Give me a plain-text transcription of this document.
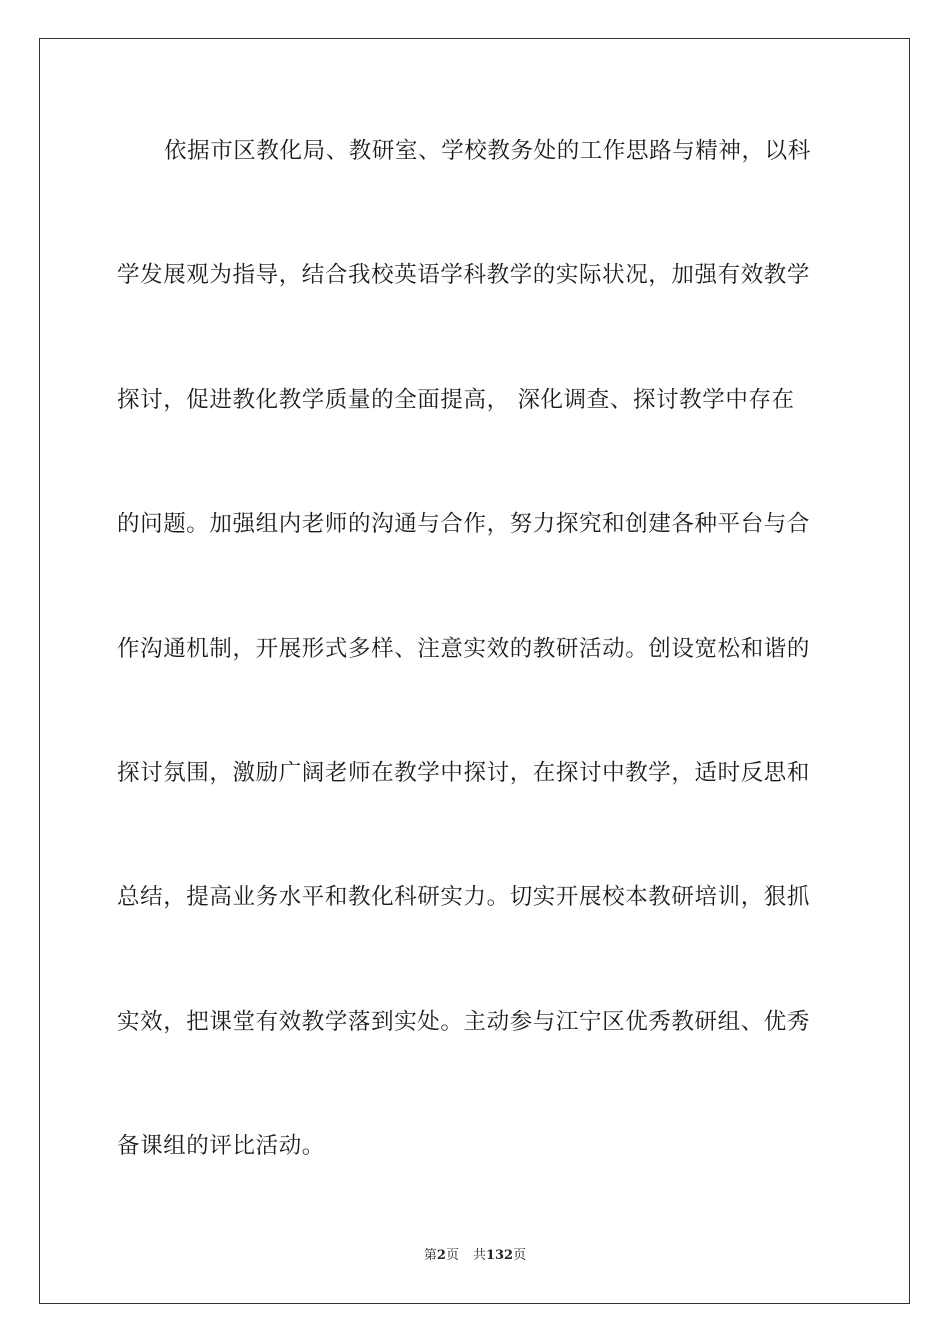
依据市区教化局、教研室、学校教务处的工作思路与精神，以科

学发展观为指导，结合我校英语学科教学的实际状况，加强有效教学

探讨，促进教化教学质量的全面提高， 深化调查、探讨教学中存在

的问题。加强组内老师的沟通与合作，努力探究和创建各种平台与合

作沟通机制，开展形式多样、注意实效的教研活动。创设宽松和谐的

探讨氛围，激励广阔老师在教学中探讨，在探讨中教学，适时反思和

总结，提高业务水平和教化科研实力。切实开展校本教研培训，狠抓

实效，把课堂有效教学落到实处。主动参与江宁区优秀教研组、优秀

备课组的评比活动。

第2页 共132页
